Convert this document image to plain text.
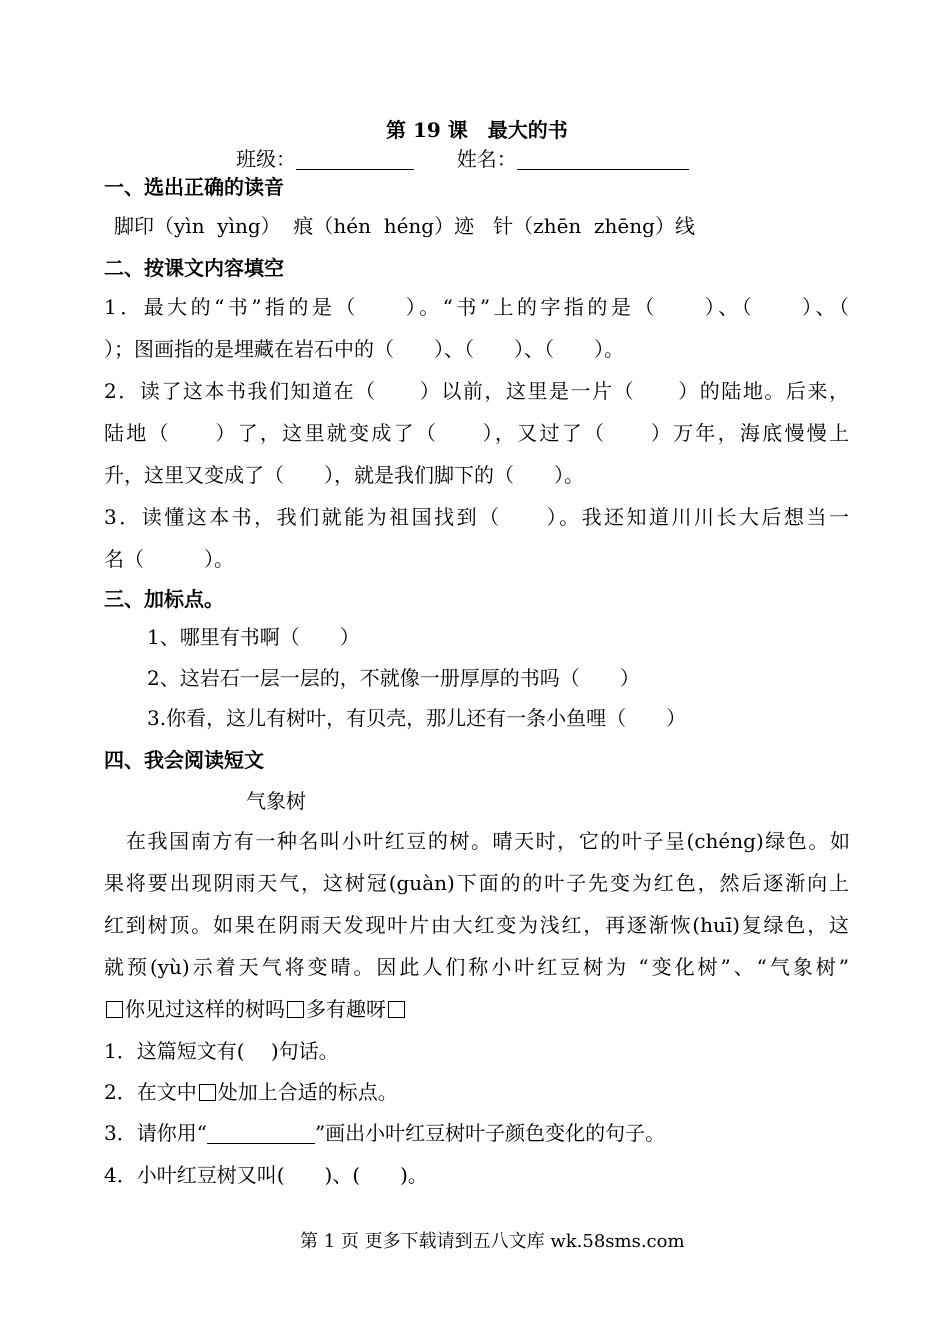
第 19 课　最大的书
班级：	姓名：
一、选出正确的读音
脚印（yìn  yìng）  痕（hén  héng）迹   针（zhēn  zhēng）线
二、按课文内容填空
1．最大的“书”指的是（　　）。“书”上的字指的是（　　）、（　　）、（
）；图画指的是埋藏在岩石中的（　　）、（　　）、（　　）。
2．读了这本书我们知道在（　　）以前，这里是一片（　　）的陆地。后来，
陆地（　　）了，这里就变成了（　　），又过了（　　）万年，海底慢慢上
升，这里又变成了（　　），就是我们脚下的（　　）。
3．读懂这本书，我们就能为祖国找到（　　）。我还知道川川长大后想当一
名（　　　）。
三、加标点。
1、哪里有书啊（　　）
2、这岩石一层一层的，不就像一册厚厚的书吗（　　）
3.你看，这儿有树叶，有贝壳，那儿还有一条小鱼哩（　　）
四、我会阅读短文
气象树
在我国南方有一种名叫小叶红豆的树。晴天时，它的叶子呈(chéng)绿色。如
果将要出现阴雨天气，这树冠(guàn)下面的的叶子先变为红色，然后逐渐向上
红到树顶。如果在阴雨天发现叶片由大红变为浅红，再逐渐恢(huī)复绿色，这
就预(yù)示着天气将变晴。因此人们称小叶红豆树为 “变化树”、“气象树”
你见过这样的树吗 多有趣呀
1．这篇短文有(　 )句话。
2．在文中 处加上合适的标点。
3．请你用“	”画出小叶红豆树叶子颜色变化的句子。
4．小叶红豆树又叫(　　)、(　　)。
第 1 页 更多下载请到五八文库 wk.58sms.com
